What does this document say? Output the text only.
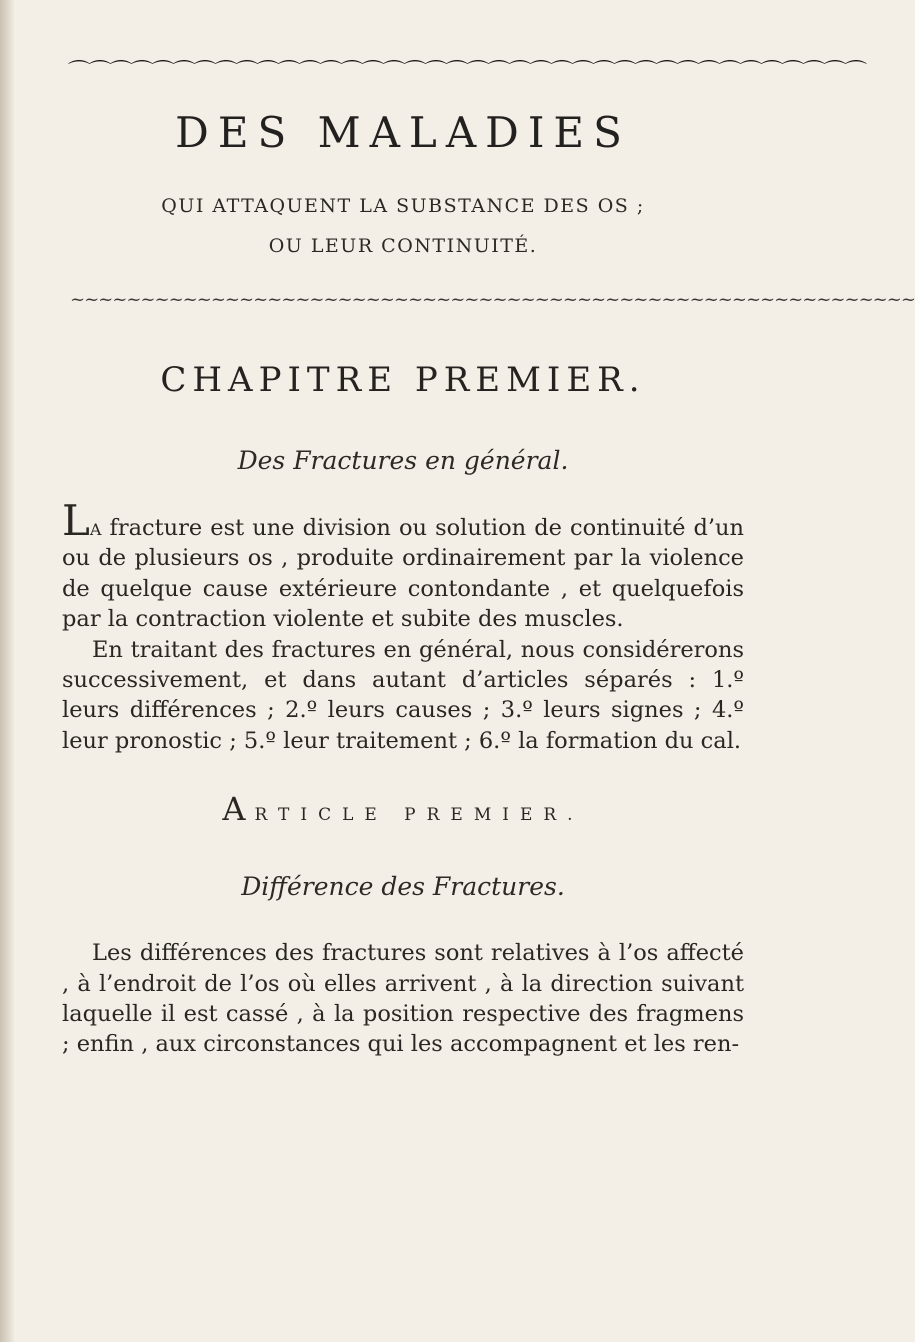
⌒⌒⌒⌒⌒⌒⌒⌒⌒⌒⌒⌒⌒⌒⌒⌒⌒⌒⌒⌒⌒⌒⌒⌒⌒⌒⌒⌒⌒⌒⌒⌒⌒⌒⌒⌒⌒⌒
DES MALADIES
QUI ATTAQUENT LA SUBSTANCE DES OS ;
OU LEUR CONTINUITÉ.
~~~~~~~~~~~~~~~~~~~~~~~~~~~~~~~~~~~~~~~~~~~~~~~~~~~~~~~~~~~~
CHAPITRE PREMIER.
Des Fractures en général.

La fracture est une division ou solution de continuité d’un ou de plusieurs os , produite ordinairement par la violence de quelque cause extérieure contondante , et quelquefois par la contraction violente et subite des muscles.

En traitant des fractures en général, nous considérerons successivement, et dans autant d’articles séparés : 1.º leurs différences ; 2.º leurs causes ; 3.º leurs signes ; 4.º leur pronostic ; 5.º leur traitement ; 6.º la formation du cal.

ARTICLE PREMIER.
Différence des Fractures.

Les différences des fractures sont relatives à l’os affecté , à l’endroit de l’os où elles arrivent , à la direction suivant laquelle il est cassé , à la position respective des fragmens ; enfin , aux circonstances qui les accompagnent et les ren-
